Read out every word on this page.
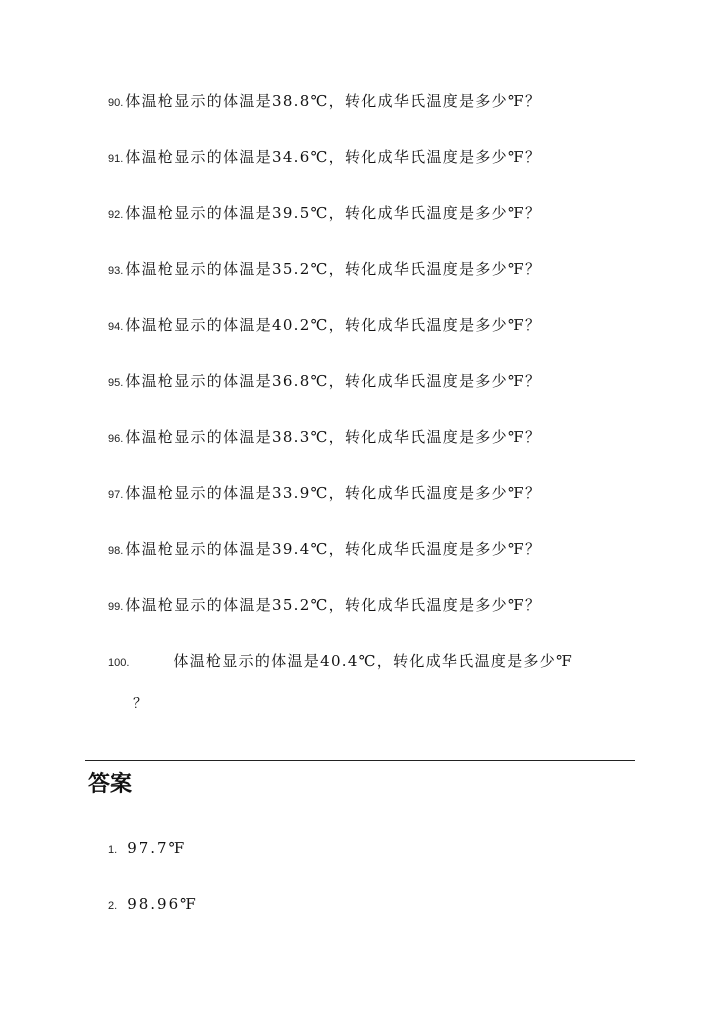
90. 体温枪显示的体温是38.8℃，转化成华氏温度是多少℉？
91. 体温枪显示的体温是34.6℃，转化成华氏温度是多少℉？
92. 体温枪显示的体温是39.5℃，转化成华氏温度是多少℉？
93. 体温枪显示的体温是35.2℃，转化成华氏温度是多少℉？
94. 体温枪显示的体温是40.2℃，转化成华氏温度是多少℉？
95. 体温枪显示的体温是36.8℃，转化成华氏温度是多少℉？
96. 体温枪显示的体温是38.3℃，转化成华氏温度是多少℉？
97. 体温枪显示的体温是33.9℃，转化成华氏温度是多少℉？
98. 体温枪显示的体温是39.4℃，转化成华氏温度是多少℉？
99. 体温枪显示的体温是35.2℃，转化成华氏温度是多少℉？
100.	体温枪显示的体温是40.4℃，转化成华氏温度是多少℉
？
答案
1. 97.7℉
2. 98.96℉
